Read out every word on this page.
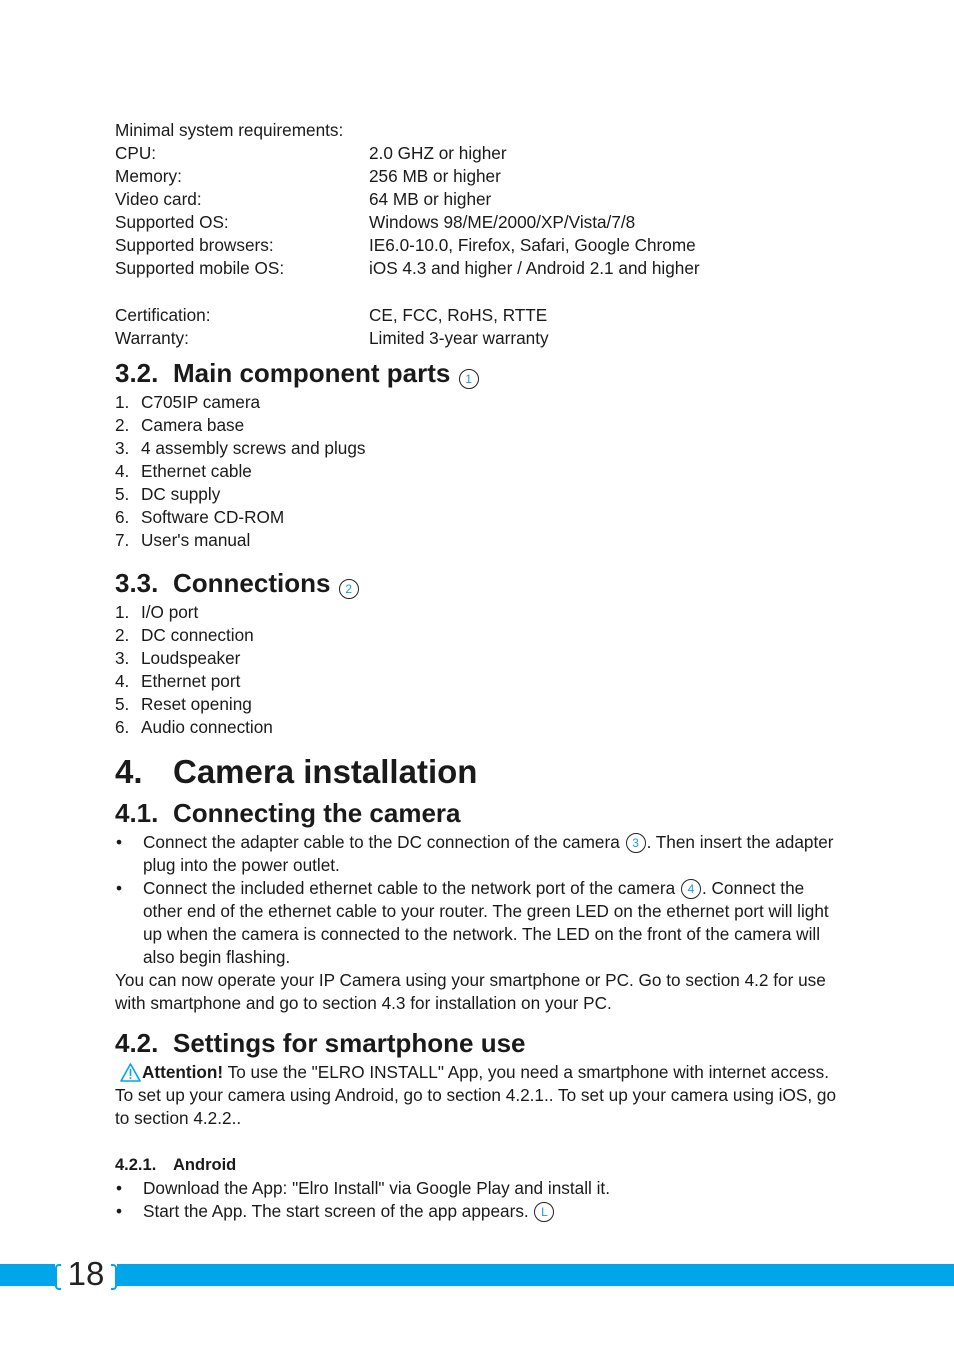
Minimal system requirements:
CPU:	2.0 GHZ or higher
Memory:	256 MB or higher
Video card:	64 MB or higher
Supported OS:	Windows 98/ME/2000/XP/Vista/7/8
Supported browsers:	IE6.0-10.0, Firefox, Safari, Google Chrome
Supported mobile OS:	iOS 4.3 and higher / Android 2.1 and higher
Certification:	CE, FCC, RoHS, RTTE
Warranty:	Limited 3-year warranty
3.2. Main component parts 1
1. C705IP camera
2. Camera base
3. 4 assembly screws and plugs
4. Ethernet cable
5. DC supply
6. Software CD-ROM
7. User's manual
3.3. Connections 2
1. I/O port
2. DC connection
3. Loudspeaker
4. Ethernet port
5. Reset opening
6. Audio connection
4. Camera installation
4.1. Connecting the camera
•	Connect the adapter cable to the DC connection of the camera 3 . Then insert the adapter plug into the power outlet.
•	Connect the included ethernet cable to the network port of the camera 4 . Connect the other end of the ethernet cable to your router. The green LED on the ethernet port will light up when the camera is connected to the network. The LED on the front of the camera will also begin flashing.
You can now operate your IP Camera using your smartphone or PC. Go to section 4.2 for use with smartphone and go to section 4.3 for installation on your PC.
4.2. Settings for smartphone use
Attention! To use the "ELRO INSTALL" App, you need a smartphone with internet access.
To set up your camera using Android, go to section 4.2.1.. To set up your camera using iOS, go to section 4.2.2..
4.2.1. Android
•	Download the App: "Elro Install" via Google Play and install it.
•	Start the App. The start screen of the app appears. L
18
